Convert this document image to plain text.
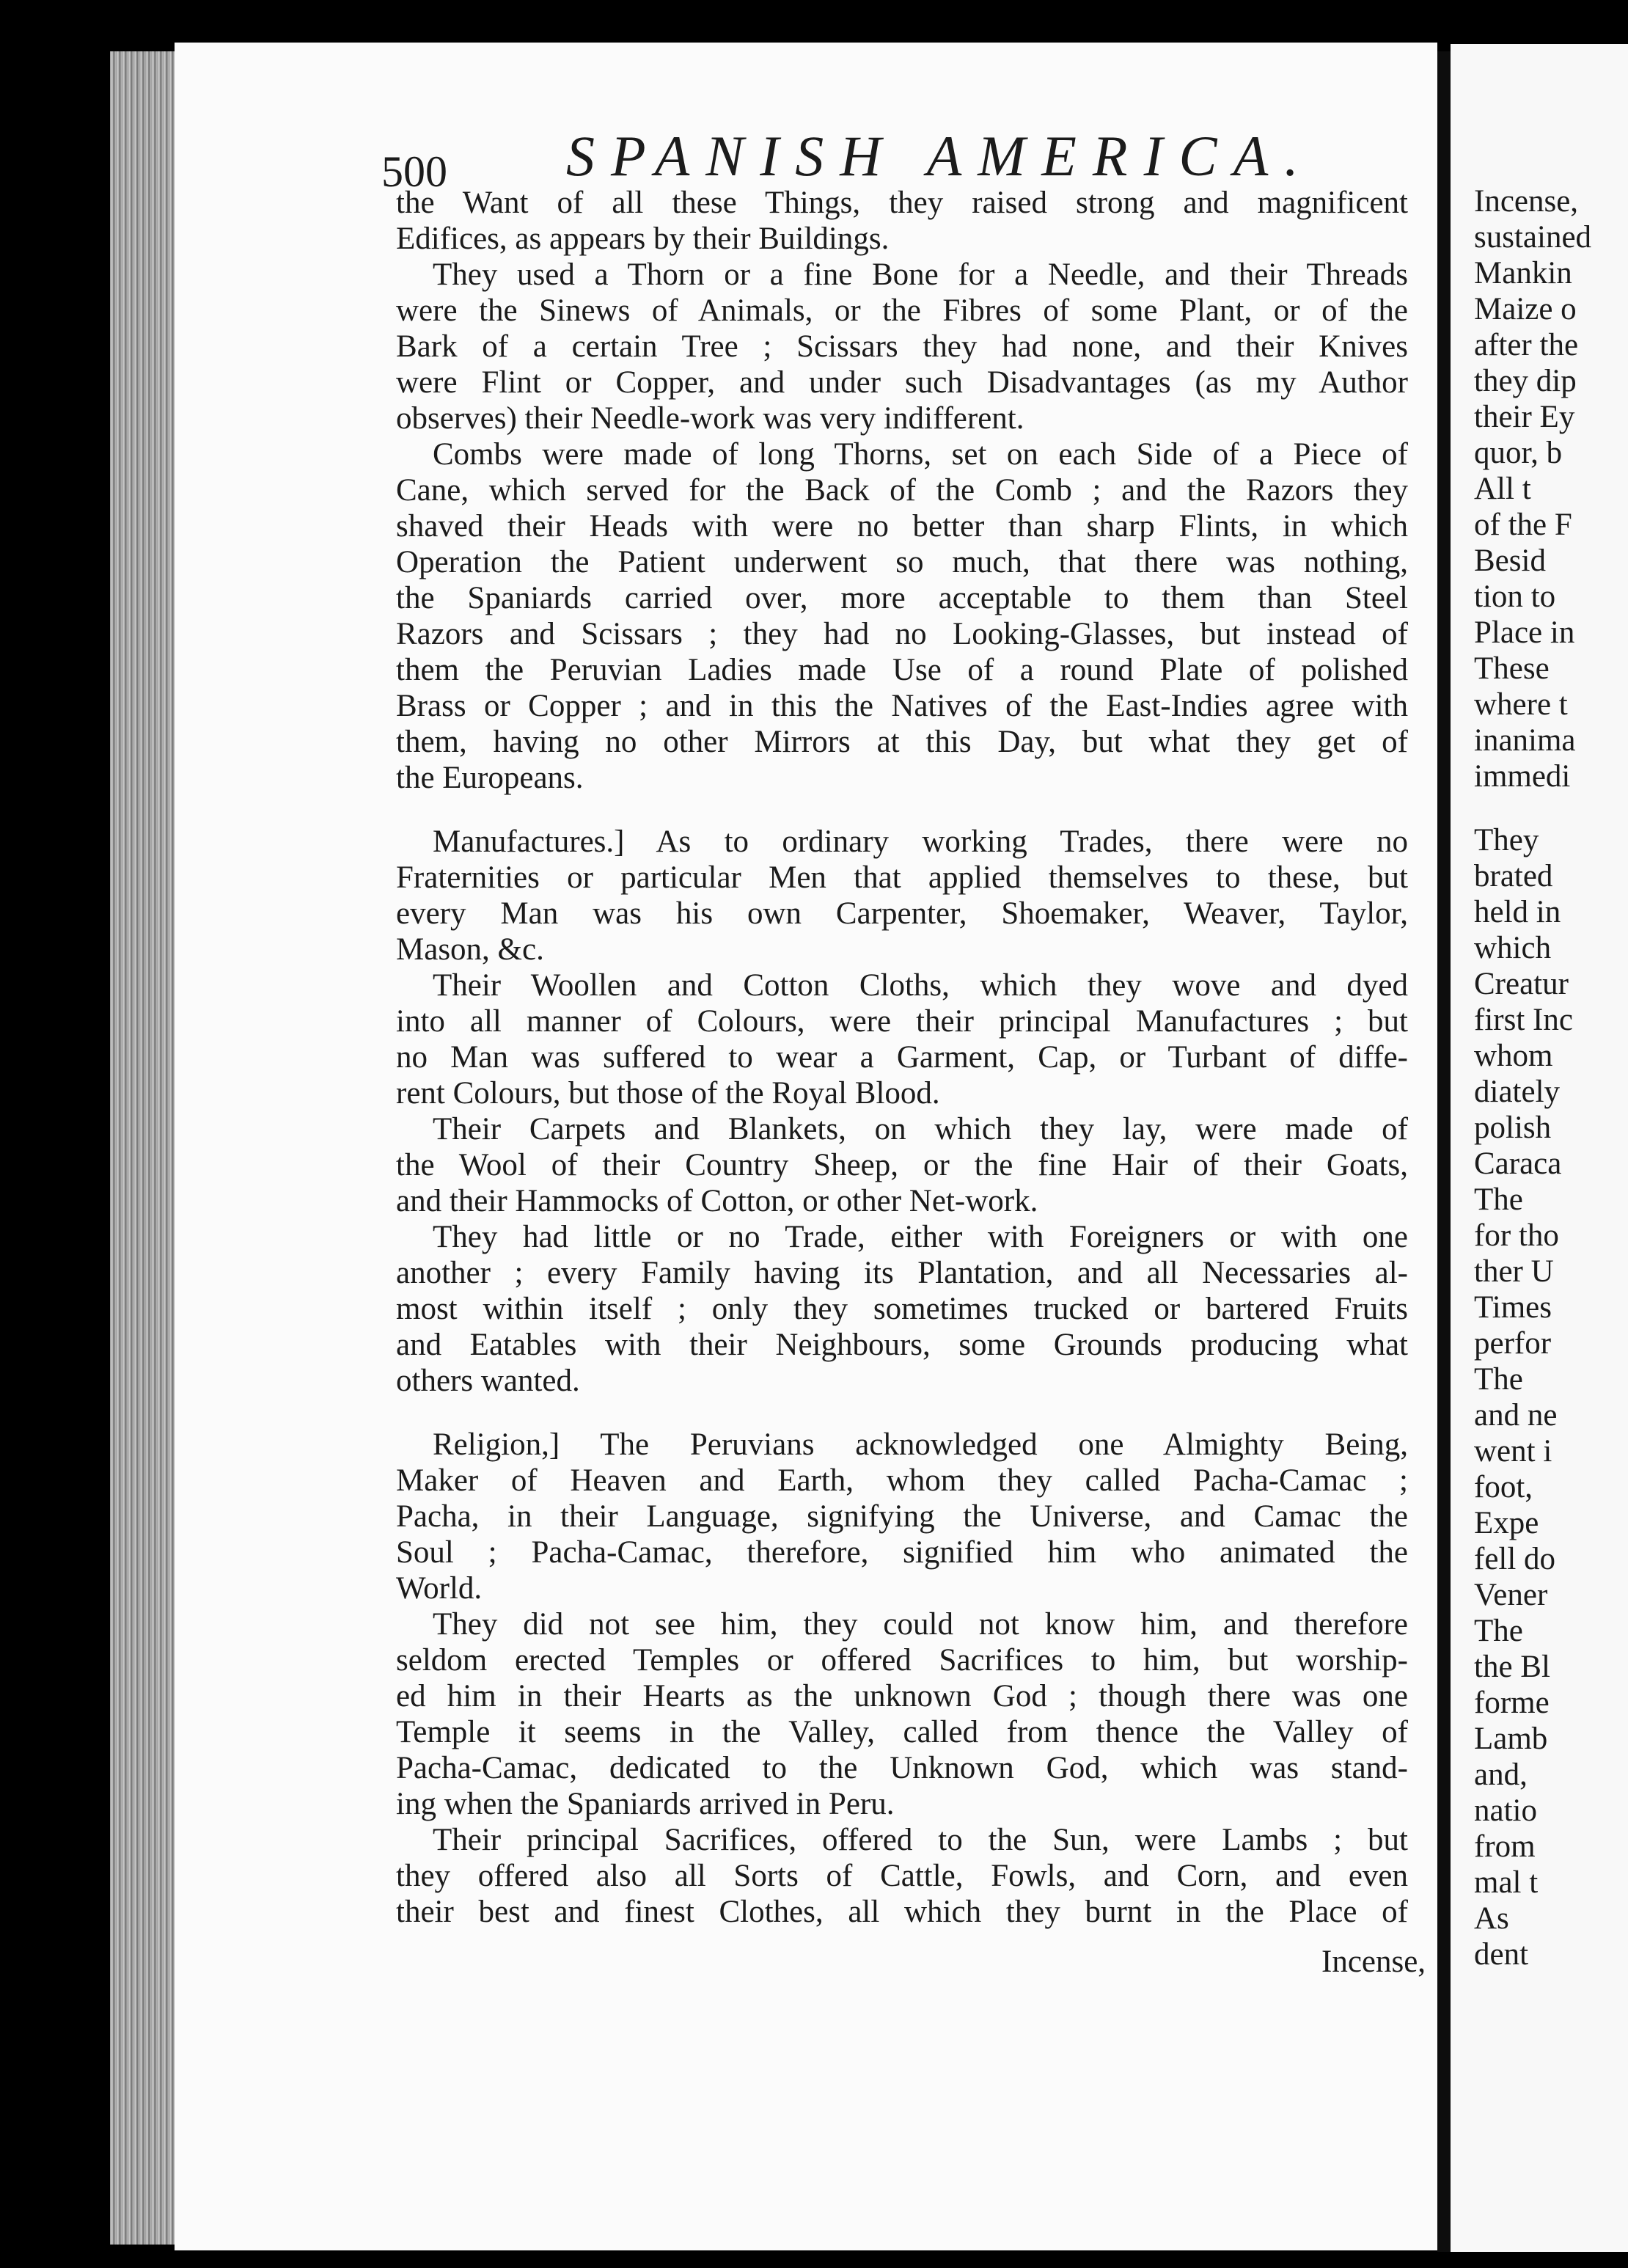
500 SPANISH AMERICA.
the Want of all these Things, they raised strong and magnificent
Edifices, as appears by their Buildings.
They used a Thorn or a fine Bone for a Needle, and their Threads
were the Sinews of Animals, or the Fibres of some Plant, or of the
Bark of a certain Tree ; Scissars they had none, and their Knives
were Flint or Copper, and under such Disadvantages (as my Author
observes) their Needle-work was very indifferent.
Combs were made of long Thorns, set on each Side of a Piece of
Cane, which served for the Back of the Comb ; and the Razors they
shaved their Heads with were no better than sharp Flints, in which
Operation the Patient underwent so much, that there was nothing,
the Spaniards carried over, more acceptable to them than Steel
Razors and Scissars ; they had no Looking-Glasses, but instead of
them the Peruvian Ladies made Use of a round Plate of polished
Brass or Copper ; and in this the Natives of the East-Indies agree with
them, having no other Mirrors at this Day, but what they get of
the Europeans.
Manufactures.] As to ordinary working Trades, there were no
Fraternities or particular Men that applied themselves to these, but
every Man was his own Carpenter, Shoemaker, Weaver, Taylor,
Mason, &c.
Their Woollen and Cotton Cloths, which they wove and dyed
into all manner of Colours, were their principal Manufactures ; but
no Man was suffered to wear a Garment, Cap, or Turbant of diffe-
rent Colours, but those of the Royal Blood.
Their Carpets and Blankets, on which they lay, were made of
the Wool of their Country Sheep, or the fine Hair of their Goats,
and their Hammocks of Cotton, or other Net-work.
They had little or no Trade, either with Foreigners or with one
another ; every Family having its Plantation, and all Necessaries al-
most within itself ; only they sometimes trucked or bartered Fruits
and Eatables with their Neighbours, some Grounds producing what
others wanted.
Religion,] The Peruvians acknowledged one Almighty Being,
Maker of Heaven and Earth, whom they called Pacha-Camac ;
Pacha, in their Language, signifying the Universe, and Camac the
Soul ; Pacha-Camac, therefore, signified him who animated the
World.
They did not see him, they could not know him, and therefore
seldom erected Temples or offered Sacrifices to him, but worship-
ed him in their Hearts as the unknown God ; though there was one
Temple it seems in the Valley, called from thence the Valley of
Pacha-Camac, dedicated to the Unknown God, which was stand-
ing when the Spaniards arrived in Peru.
Their principal Sacrifices, offered to the Sun, were Lambs ; but
they offered also all Sorts of Cattle, Fowls, and Corn, and even
their best and finest Clothes, all which they burnt in the Place of
Incense,
Incense,
sustained
Mankin
Maize o
after the
they dip
their Ey
quor, b
All t
of the F
Besid
tion to
Place in
These
where t
inanima
immedi
They
brated
held in
which
Creatur
first Inc
whom
diately
polish
Caraca
The
for tho
ther U
Times
perfor
The
and ne
went i
foot,
Expe
fell do
Vener
The
the Bl
forme
Lamb
and,
natio
from
mal t
As
dent
